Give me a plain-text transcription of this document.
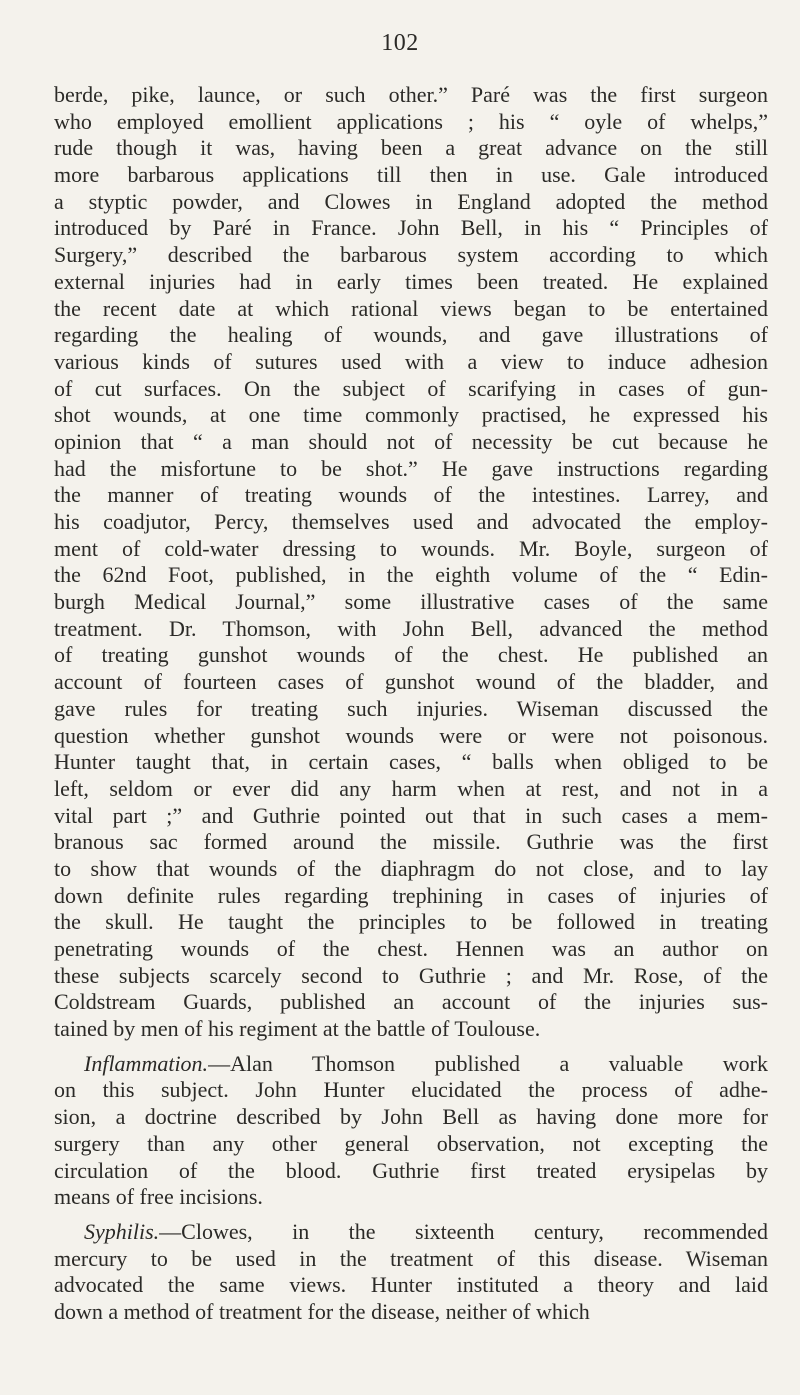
102
berde, pike, launce, or such other.” Paré was the first surgeon
who employed emollient applications ; his “ oyle of whelps,”
rude though it was, having been a great advance on the still
more barbarous applications till then in use. Gale introduced
a styptic powder, and Clowes in England adopted the method
introduced by Paré in France. John Bell, in his “ Principles of
Surgery,” described the barbarous system according to which
external injuries had in early times been treated. He explained
the recent date at which rational views began to be entertained
regarding the healing of wounds, and gave illustrations of
various kinds of sutures used with a view to induce adhesion
of cut surfaces. On the subject of scarifying in cases of gun-
shot wounds, at one time commonly practised, he expressed his
opinion that “ a man should not of necessity be cut because he
had the misfortune to be shot.” He gave instructions regarding
the manner of treating wounds of the intestines. Larrey, and
his coadjutor, Percy, themselves used and advocated the employ-
ment of cold-water dressing to wounds. Mr. Boyle, surgeon of
the 62nd Foot, published, in the eighth volume of the “ Edin-
burgh Medical Journal,” some illustrative cases of the same
treatment. Dr. Thomson, with John Bell, advanced the method
of treating gunshot wounds of the chest. He published an
account of fourteen cases of gunshot wound of the bladder, and
gave rules for treating such injuries. Wiseman discussed the
question whether gunshot wounds were or were not poisonous.
Hunter taught that, in certain cases, “ balls when obliged to be
left, seldom or ever did any harm when at rest, and not in a
vital part ;” and Guthrie pointed out that in such cases a mem-
branous sac formed around the missile. Guthrie was the first
to show that wounds of the diaphragm do not close, and to lay
down definite rules regarding trephining in cases of injuries of
the skull. He taught the principles to be followed in treating
penetrating wounds of the chest. Hennen was an author on
these subjects scarcely second to Guthrie ; and Mr. Rose, of the
Coldstream Guards, published an account of the injuries sus-
tained by men of his regiment at the battle of Toulouse.
Inflammation.—Alan Thomson published a valuable work
on this subject. John Hunter elucidated the process of adhe-
sion, a doctrine described by John Bell as having done more for
surgery than any other general observation, not excepting the
circulation of the blood. Guthrie first treated erysipelas by
means of free incisions.
Syphilis.—Clowes, in the sixteenth century, recommended
mercury to be used in the treatment of this disease. Wiseman
advocated the same views. Hunter instituted a theory and laid
down a method of treatment for the disease, neither of which
